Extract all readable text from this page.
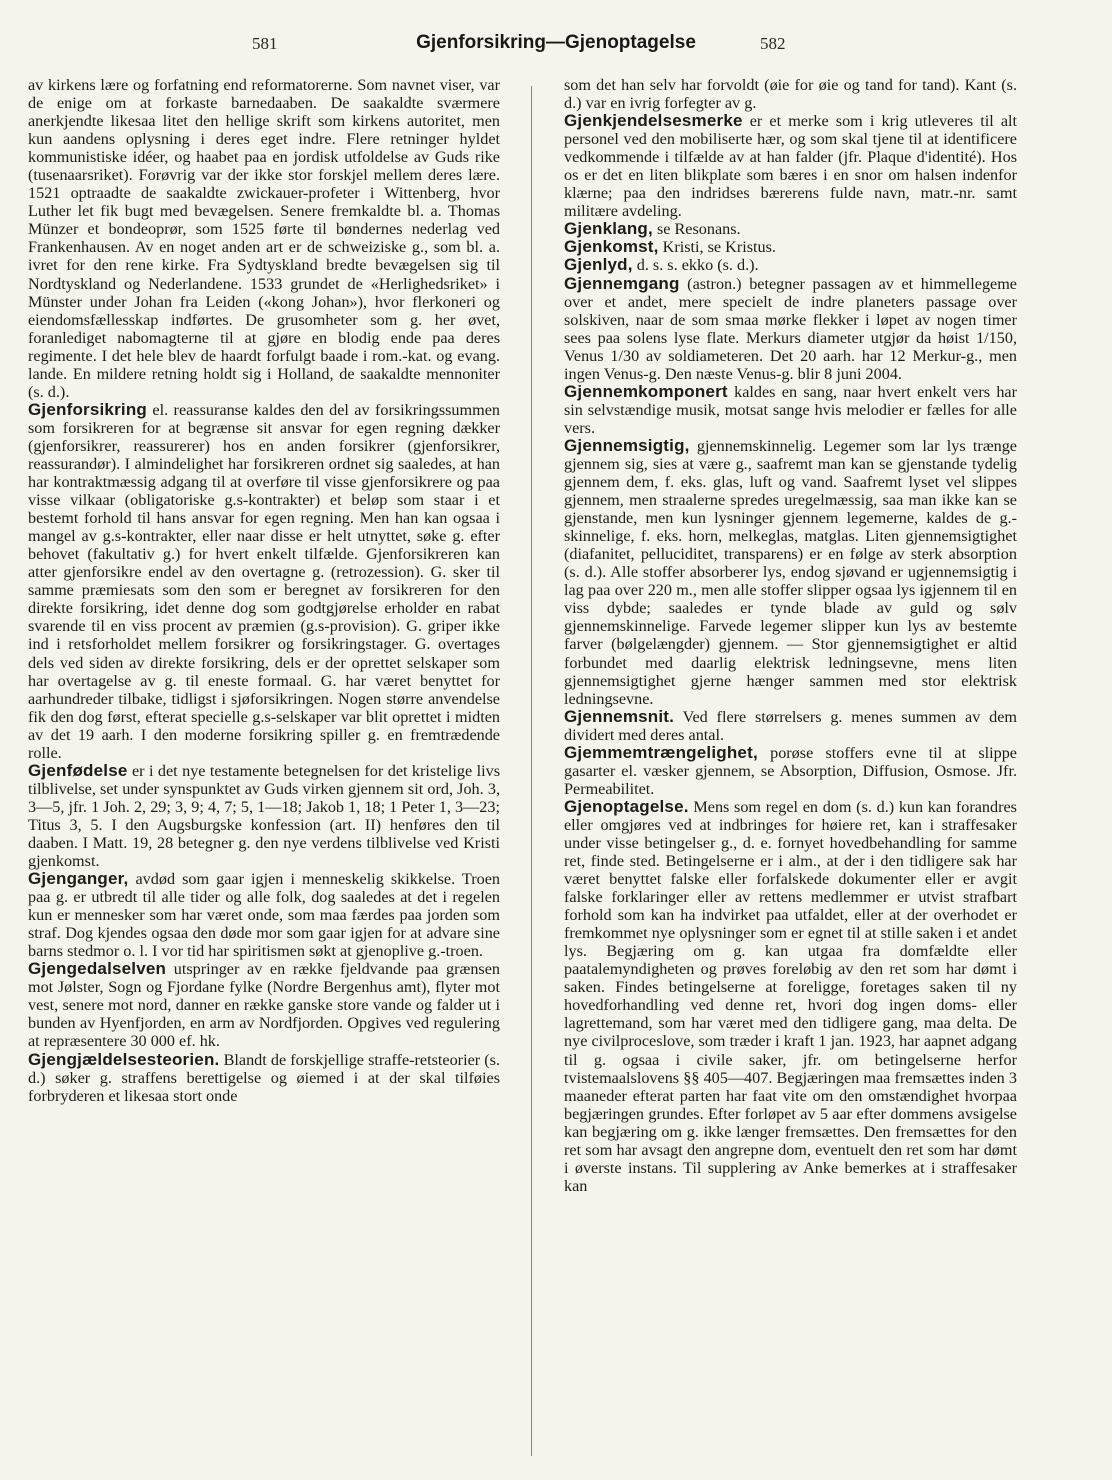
581	Gjenforsikring—Gjenoptagelse	582

av kirkens lære og forfatning end reformatorerne. Som navnet viser, var de enige om at forkaste barnedaaben. De saakaldte sværmere anerkjendte likesaa litet den hellige skrift som kirkens autoritet, men kun aandens oplysning i deres eget indre. Flere retninger hyldet kommunistiske idéer, og haabet paa en jordisk utfoldelse av Guds rike (tusenaarsriket). Forøvrig var der ikke stor forskjel mellem deres lære. 1521 optraadte de saakaldte zwickauer-profeter i Wittenberg, hvor Luther let fik bugt med bevægelsen. Senere fremkaldte bl. a. Thomas Münzer et bondeoprør, som 1525 førte til bøndernes nederlag ved Frankenhausen. Av en noget anden art er de schweiziske g., som bl. a. ivret for den rene kirke. Fra Sydtyskland bredte bevægelsen sig til Nordtyskland og Nederlandene. 1533 grundet de «Herlighedsriket» i Münster under Johan fra Leiden («kong Johan»), hvor flerkoneri og eiendomsfællesskap indførtes. De grusomheter som g. her øvet, foranlediget nabomagterne til at gjøre en blodig ende paa deres regimente. I det hele blev de haardt forfulgt baade i rom.-kat. og evang. lande. En mildere retning holdt sig i Holland, de saakaldte mennoniter (s. d.).

Gjenforsikring el. reassuranse kaldes den del av forsikringssummen som forsikreren for at begrænse sit ansvar for egen regning dækker (gjenforsikrer, reassurerer) hos en anden forsikrer (gjenforsikrer, reassurandør). I almindelighet har forsikreren ordnet sig saaledes, at han har kontraktmæssig adgang til at overføre til visse gjenforsikrere og paa visse vilkaar (obligatoriske g.s-kontrakter) et beløp som staar i et bestemt forhold til hans ansvar for egen regning. Men han kan ogsaa i mangel av g.s-kontrakter, eller naar disse er helt utnyttet, søke g. efter behovet (fakultativ g.) for hvert enkelt tilfælde. Gjenforsikreren kan atter gjenforsikre endel av den overtagne g. (retrozession). G. sker til samme præmiesats som den som er beregnet av forsikreren for den direkte forsikring, idet denne dog som godtgjørelse erholder en rabat svarende til en viss procent av præmien (g.s-provision). G. griper ikke ind i retsforholdet mellem forsikrer og forsikringstager. G. overtages dels ved siden av direkte forsikring, dels er der oprettet selskaper som har overtagelse av g. til eneste formaal. G. har været benyttet for aarhundreder tilbake, tidligst i sjøforsikringen. Nogen større anvendelse fik den dog først, efterat specielle g.s-selskaper var blit oprettet i midten av det 19 aarh. I den moderne forsikring spiller g. en fremtrædende rolle.

Gjenfødelse er i det nye testamente betegnelsen for det kristelige livs tilblivelse, set under synspunktet av Guds virken gjennem sit ord, Joh. 3, 3—5, jfr. 1 Joh. 2, 29; 3, 9; 4, 7; 5, 1—18; Jakob 1, 18; 1 Peter 1, 3—23; Titus 3, 5. I den Augsburgske konfession (art. II) henføres den til daaben. I Matt. 19, 28 betegner g. den nye verdens tilblivelse ved Kristi gjenkomst.

Gjenganger, avdød som gaar igjen i menneskelig skikkelse. Troen paa g. er utbredt til alle tider og alle folk, dog saaledes at det i regelen kun er mennesker som har været onde, som maa færdes paa jorden som straf. Dog kjendes ogsaa den døde mor som gaar igjen for at advare sine barns stedmor o. l. I vor tid har spiritismen søkt at gjenoplive g.-troen.

Gjengedalselven utspringer av en række fjeldvande paa grænsen mot Jølster, Sogn og Fjordane fylke (Nordre Bergenhus amt), flyter mot vest, senere mot nord, danner en række ganske store vande og falder ut i bunden av Hyenfjorden, en arm av Nordfjorden. Opgives ved regulering at repræsentere 30 000 ef. hk.

Gjengjældelsesteorien. Blandt de forskjellige straffe-retsteorier (s. d.) søker g. straffens berettigelse og øiemed i at der skal tilføies forbryderen et likesaa stort onde

som det han selv har forvoldt (øie for øie og tand for tand). Kant (s. d.) var en ivrig forfegter av g.

Gjenkjendelsesmerke er et merke som i krig utleveres til alt personel ved den mobiliserte hær, og som skal tjene til at identificere vedkommende i tilfælde av at han falder (jfr. Plaque d'identité). Hos os er det en liten blikplate som bæres i en snor om halsen indenfor klærne; paa den indridses bærerens fulde navn, matr.-nr. samt militære avdeling.

Gjenklang, se Resonans.

Gjenkomst, Kristi, se Kristus.

Gjenlyd, d. s. s. ekko (s. d.).

Gjennemgang (astron.) betegner passagen av et himmellegeme over et andet, mere specielt de indre planeters passage over solskiven, naar de som smaa mørke flekker i løpet av nogen timer sees paa solens lyse flate. Merkurs diameter utgjør da høist 1/150, Venus 1/30 av soldiameteren. Det 20 aarh. har 12 Merkur-g., men ingen Venus-g. Den næste Venus-g. blir 8 juni 2004.

Gjennemkomponert kaldes en sang, naar hvert enkelt vers har sin selvstændige musik, motsat sange hvis melodier er fælles for alle vers.

Gjennemsigtig, gjennemskinnelig. Legemer som lar lys trænge gjennem sig, sies at være g., saafremt man kan se gjenstande tydelig gjennem dem, f. eks. glas, luft og vand. Saafremt lyset vel slippes gjennem, men straalerne spredes uregelmæssig, saa man ikke kan se gjenstande, men kun lysninger gjennem legemerne, kaldes de g.-skinnelige, f. eks. horn, melkeglas, matglas. Liten gjennemsigtighet (diafanitet, pelluciditet, transparens) er en følge av sterk absorption (s. d.). Alle stoffer absorberer lys, endog sjøvand er ugjennemsigtig i lag paa over 220 m., men alle stoffer slipper ogsaa lys igjennem til en viss dybde; saaledes er tynde blade av guld og sølv gjennemskinnelige. Farvede legemer slipper kun lys av bestemte farver (bølgelængder) gjennem. — Stor gjennemsigtighet er altid forbundet med daarlig elektrisk ledningsevne, mens liten gjennemsigtighet gjerne hænger sammen med stor elektrisk ledningsevne.

Gjennemsnit. Ved flere størrelsers g. menes summen av dem dividert med deres antal.

Gjemmemtrængelighet, porøse stoffers evne til at slippe gasarter el. væsker gjennem, se Absorption, Diffusion, Osmose. Jfr. Permeabilitet.

Gjenoptagelse. Mens som regel en dom (s. d.) kun kan forandres eller omgjøres ved at indbringes for høiere ret, kan i straffesaker under visse betingelser g., d. e. fornyet hovedbehandling for samme ret, finde sted. Betingelserne er i alm., at der i den tidligere sak har været benyttet falske eller forfalskede dokumenter eller er avgit falske forklaringer eller av rettens medlemmer er utvist strafbart forhold som kan ha indvirket paa utfaldet, eller at der overhodet er fremkommet nye oplysninger som er egnet til at stille saken i et andet lys. Begjæring om g. kan utgaa fra domfældte eller paatalemyndigheten og prøves foreløbig av den ret som har dømt i saken. Findes betingelserne at foreligge, foretages saken til ny hovedforhandling ved denne ret, hvori dog ingen doms- eller lagrettemand, som har været med den tidligere gang, maa delta. De nye civilproceslove, som træder i kraft 1 jan. 1923, har aapnet adgang til g. ogsaa i civile saker, jfr. om betingelserne herfor tvistemaalslovens §§ 405—407. Begjæringen maa fremsættes inden 3 maaneder efterat parten har faat vite om den omstændighet hvorpaa begjæringen grundes. Efter forløpet av 5 aar efter dommens avsigelse kan begjæring om g. ikke længer fremsættes. Den fremsættes for den ret som har avsagt den angrepne dom, eventuelt den ret som har dømt i øverste instans. Til supplering av Anke bemerkes at i straffesaker kan
